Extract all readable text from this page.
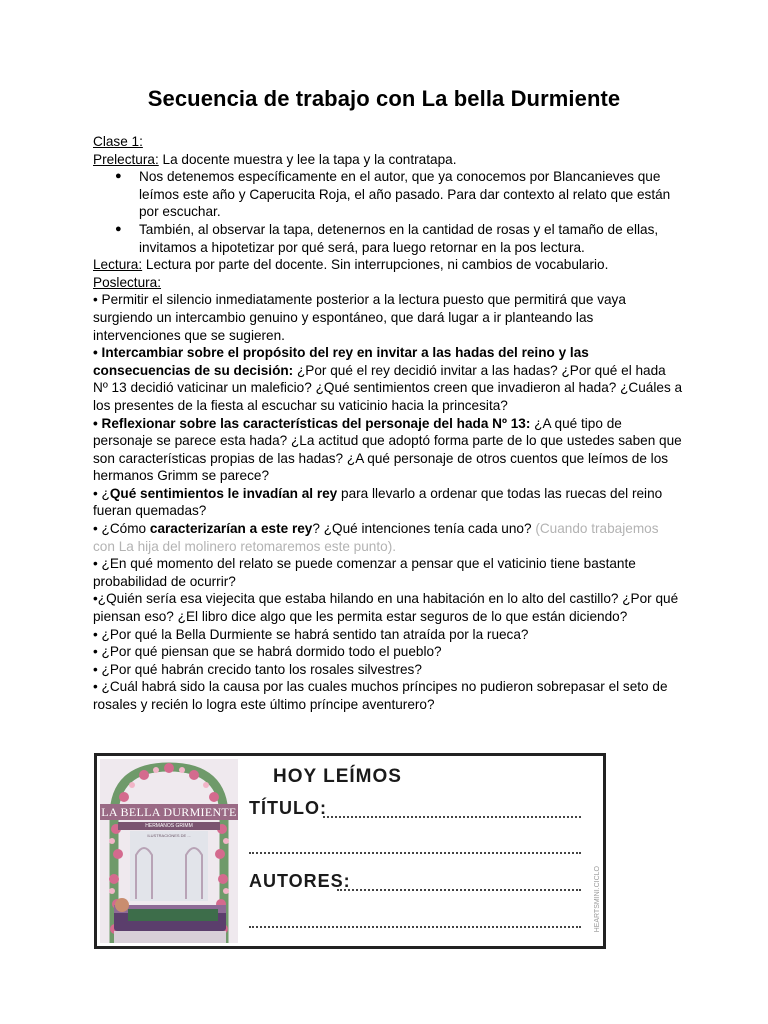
Secuencia de trabajo con La bella Durmiente

Clase 1:

Prelectura: La docente muestra y lee la tapa y la contratapa.

● Nos detenemos específicamente en el autor, que ya conocemos por Blancanieves que leímos este año y Caperucita Roja, el año pasado. Para dar contexto al relato que están por escuchar.
● También, al observar la tapa, detenernos en la cantidad de rosas y el tamaño de ellas, invitamos a hipotetizar por qué será, para luego retornar en la pos lectura.

Lectura: Lectura por parte del docente. Sin interrupciones, ni cambios de vocabulario.

Poslectura:

• Permitir el silencio inmediatamente posterior a la lectura puesto que permitirá que vaya surgiendo un intercambio genuino y espontáneo, que dará lugar a ir planteando las intervenciones que se sugieren.

• Intercambiar sobre el propósito del rey en invitar a las hadas del reino y las consecuencias de su decisión: ¿Por qué el rey decidió invitar a las hadas? ¿Por qué el hada Nº 13 decidió vaticinar un maleficio? ¿Qué sentimientos creen que invadieron al hada? ¿Cuáles a los presentes de la fiesta al escuchar su vaticinio hacia la princesita?

• Reflexionar sobre las características del personaje del hada Nº 13: ¿A qué tipo de personaje se parece esta hada? ¿La actitud que adoptó forma parte de lo que ustedes saben que son características propias de las hadas? ¿A qué personaje de otros cuentos que leímos de los hermanos Grimm se parece?

• ¿Qué sentimientos le invadían al rey para llevarlo a ordenar que todas las ruecas del reino fueran quemadas?

• ¿Cómo caracterizarían a este rey? ¿Qué intenciones tenía cada uno? (Cuando trabajemos con La hija del molinero retomaremos este punto).

• ¿En qué momento del relato se puede comenzar a pensar que el vaticinio tiene bastante probabilidad de ocurrir?

•¿Quién sería esa viejecita que estaba hilando en una habitación en lo alto del castillo? ¿Por qué piensan eso? ¿El libro dice algo que les permita estar seguros de lo que están diciendo?

• ¿Por qué la Bella Durmiente se habrá sentido tan atraída por la rueca?

• ¿Por qué piensan que se habrá dormido todo el pueblo?

• ¿Por qué habrán crecido tanto los rosales silvestres?

• ¿Cuál habrá sido la causa por las cuales muchos príncipes no pudieron sobrepasar el seto de rosales y recién lo logra este último príncipe aventurero?

LA BELLA DURMIENTE
HERMANOS GRIMM
ILUSTRACIONES DE ...
HOY LEÍMOS
TÍTULO:
AUTORES:	HEARTSMINI.CICLO
